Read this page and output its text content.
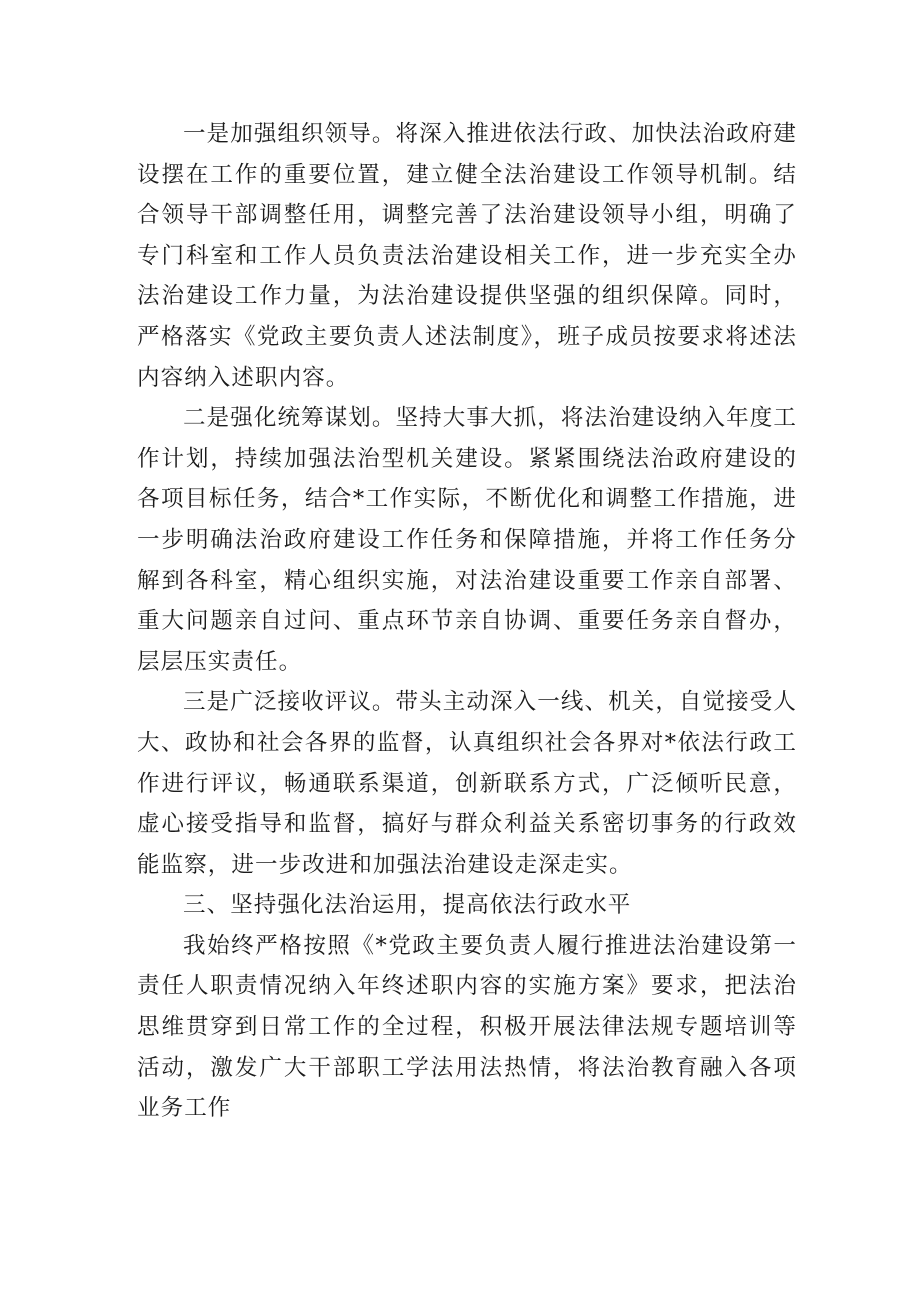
一是加强组织领导。将深入推进依法行政、加快法治政府建设摆在工作的重要位置，建立健全法治建设工作领导机制。结合领导干部调整任用，调整完善了法治建设领导小组，明确了专门科室和工作人员负责法治建设相关工作，进一步充实全办法治建设工作力量，为法治建设提供坚强的组织保障。同时，严格落实《党政主要负责人述法制度》，班子成员按要求将述法内容纳入述职内容。

二是强化统筹谋划。坚持大事大抓，将法治建设纳入年度工作计划，持续加强法治型机关建设。紧紧围绕法治政府建设的各项目标任务，结合*工作实际，不断优化和调整工作措施，进一步明确法治政府建设工作任务和保障措施，并将工作任务分解到各科室，精心组织实施，对法治建设重要工作亲自部署、重大问题亲自过问、重点环节亲自协调、重要任务亲自督办，层层压实责任。

三是广泛接收评议。带头主动深入一线、机关，自觉接受人大、政协和社会各界的监督，认真组织社会各界对*依法行政工作进行评议，畅通联系渠道，创新联系方式，广泛倾听民意，虚心接受指导和监督，搞好与群众利益关系密切事务的行政效能监察，进一步改进和加强法治建设走深走实。

三、坚持强化法治运用，提高依法行政水平

我始终严格按照《*党政主要负责人履行推进法治建设第一责任人职责情况纳入年终述职内容的实施方案》要求，把法治思维贯穿到日常工作的全过程，积极开展法律法规专题培训等活动，激发广大干部职工学法用法热情，将法治教育融入各项业务工作
